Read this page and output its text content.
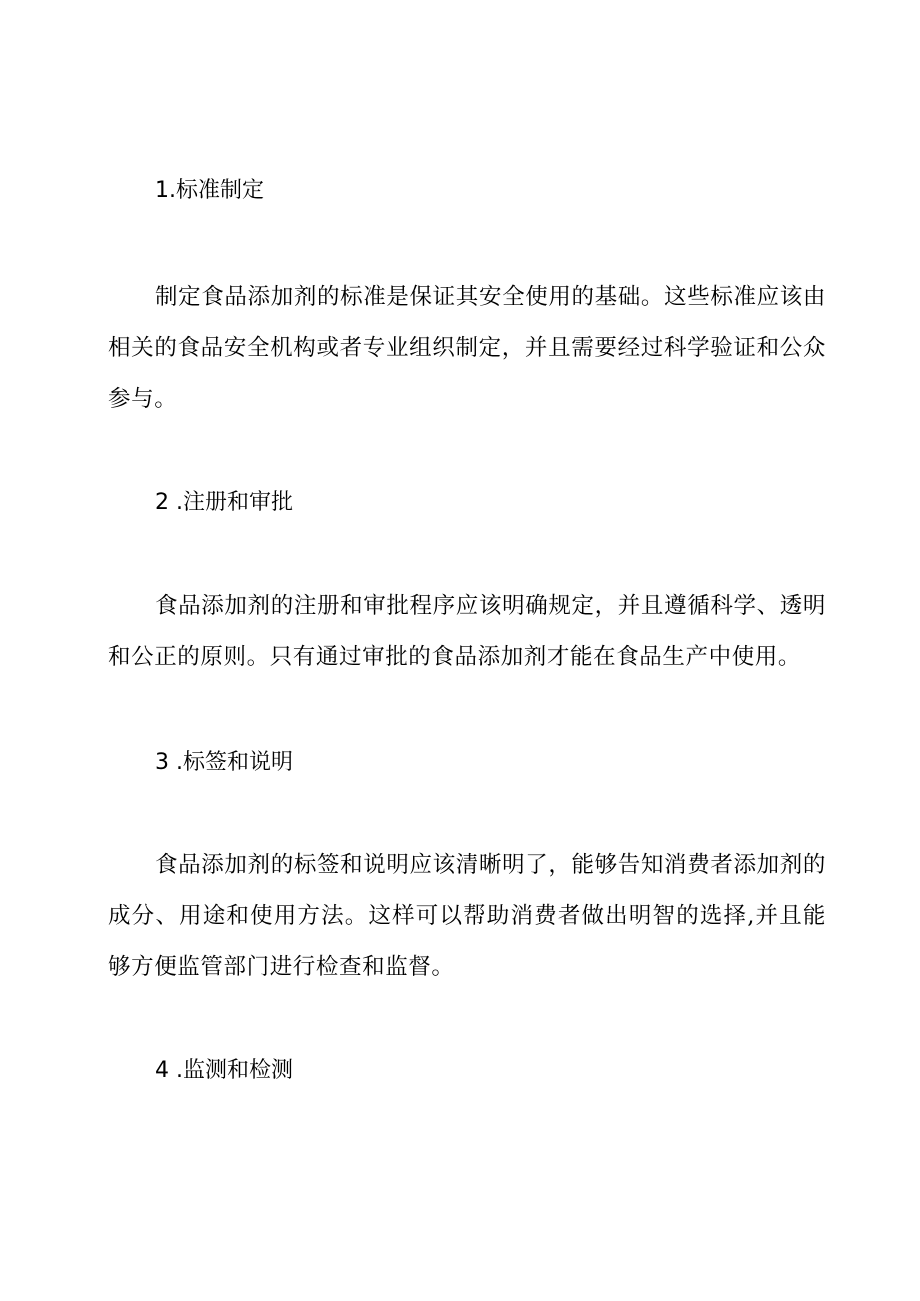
1.标准制定
制定食品添加剂的标准是保证其安全使用的基础。这些标准应该由相关的食品安全机构或者专业组织制定，并且需要经过科学验证和公众参与。
2 .注册和审批
食品添加剂的注册和审批程序应该明确规定，并且遵循科学、透明和公正的原则。只有通过审批的食品添加剂才能在食品生产中使用。
3 .标签和说明
食品添加剂的标签和说明应该清晰明了，能够告知消费者添加剂的成分、用途和使用方法。这样可以帮助消费者做出明智的选择,并且能够方便监管部门进行检查和监督。
4 .监测和检测
